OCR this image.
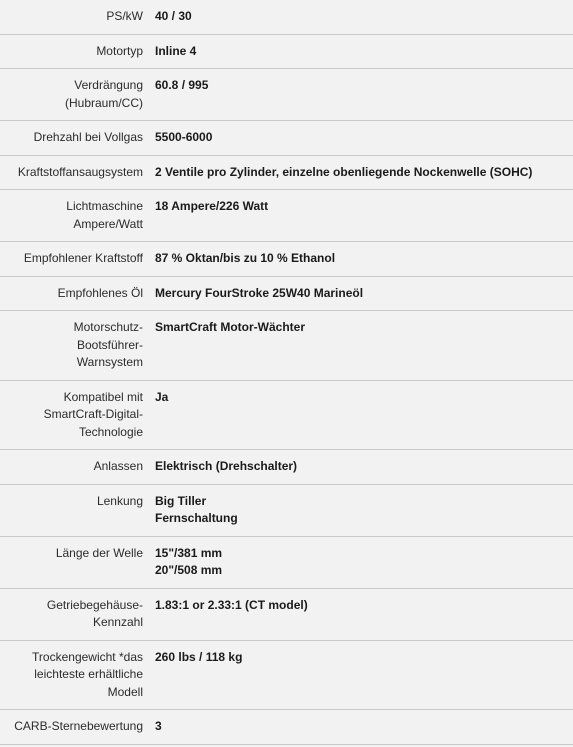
PS/kW	40 / 30

Motortyp	Inline 4

Verdrängung
(Hubraum/CC)	60.8 / 995

Drehzahl bei Vollgas	5500-6000

Kraftstoffansaugsystem	2 Ventile pro Zylinder, einzelne obenliegende Nockenwelle (SOHC)

Lichtmaschine
Ampere/Watt	18 Ampere/226 Watt

Empfohlener Kraftstoff	87 % Oktan/bis zu 10 % Ethanol

Empfohlenes Öl	Mercury FourStroke 25W40 Marineöl

Motorschutz-
Bootsführer-
Warnsystem	SmartCraft Motor-Wächter

Kompatibel mit
SmartCraft-Digital-
Technologie	Ja

Anlassen	Elektrisch (Drehschalter)

Lenkung	Big Tiller
Fernschaltung

Länge der Welle	15"/381 mm
20"/508 mm

Getriebegehäuse-
Kennzahl	1.83:1 or 2.33:1 (CT model)

Trockengewicht *das
leichteste erhältliche
Modell	260 lbs / 118 kg

CARB-Sternebewertung	3
